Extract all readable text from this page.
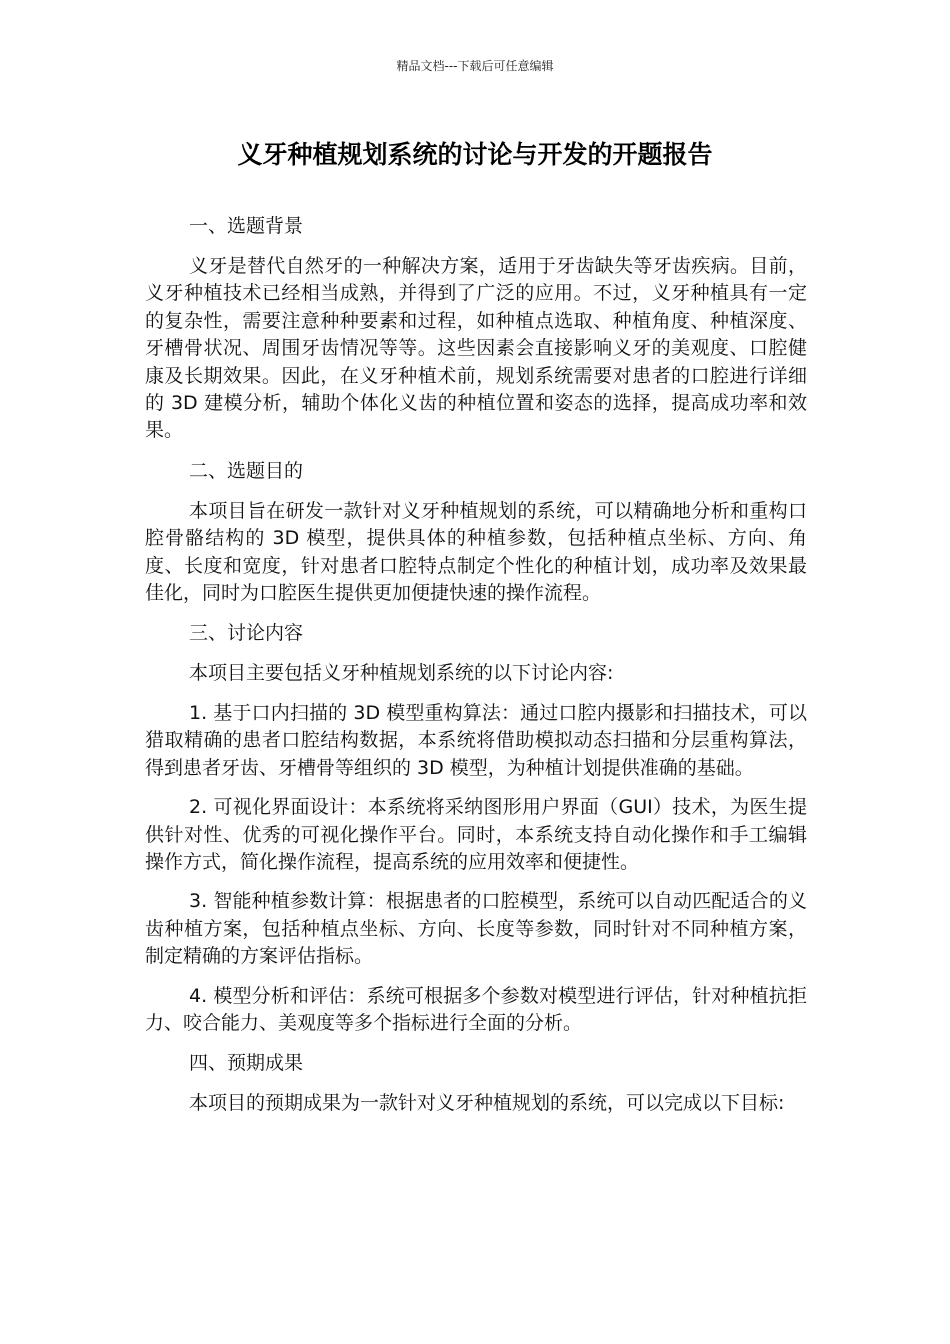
精品文档---下载后可任意编辑
义牙种植规划系统的讨论与开发的开题报告
一、选题背景

义牙是替代自然牙的一种解决方案，适用于牙齿缺失等牙齿疾病。目前，义牙种植技术已经相当成熟，并得到了广泛的应用。不过，义牙种植具有一定的复杂性，需要注意种种要素和过程，如种植点选取、种植角度、种植深度、牙槽骨状况、周围牙齿情况等等。这些因素会直接影响义牙的美观度、口腔健康及长期效果。因此，在义牙种植术前，规划系统需要对患者的口腔进行详细的 3D 建模分析，辅助个体化义齿的种植位置和姿态的选择，提高成功率和效果。

二、选题目的

本项目旨在研发一款针对义牙种植规划的系统，可以精确地分析和重构口腔骨骼结构的 3D 模型，提供具体的种植参数，包括种植点坐标、方向、角度、长度和宽度，针对患者口腔特点制定个性化的种植计划，成功率及效果最佳化，同时为口腔医生提供更加便捷快速的操作流程。

三、讨论内容

本项目主要包括义牙种植规划系统的以下讨论内容:

1. 基于口内扫描的 3D 模型重构算法：通过口腔内摄影和扫描技术，可以猎取精确的患者口腔结构数据，本系统将借助模拟动态扫描和分层重构算法，得到患者牙齿、牙槽骨等组织的 3D 模型，为种植计划提供准确的基础。

2. 可视化界面设计：本系统将采纳图形用户界面（GUI）技术，为医生提供针对性、优秀的可视化操作平台。同时，本系统支持自动化操作和手工编辑操作方式，简化操作流程，提高系统的应用效率和便捷性。

3. 智能种植参数计算：根据患者的口腔模型，系统可以自动匹配适合的义齿种植方案，包括种植点坐标、方向、长度等参数，同时针对不同种植方案，制定精确的方案评估指标。

4. 模型分析和评估：系统可根据多个参数对模型进行评估，针对种植抗拒力、咬合能力、美观度等多个指标进行全面的分析。

四、预期成果

本项目的预期成果为一款针对义牙种植规划的系统，可以完成以下目标:
